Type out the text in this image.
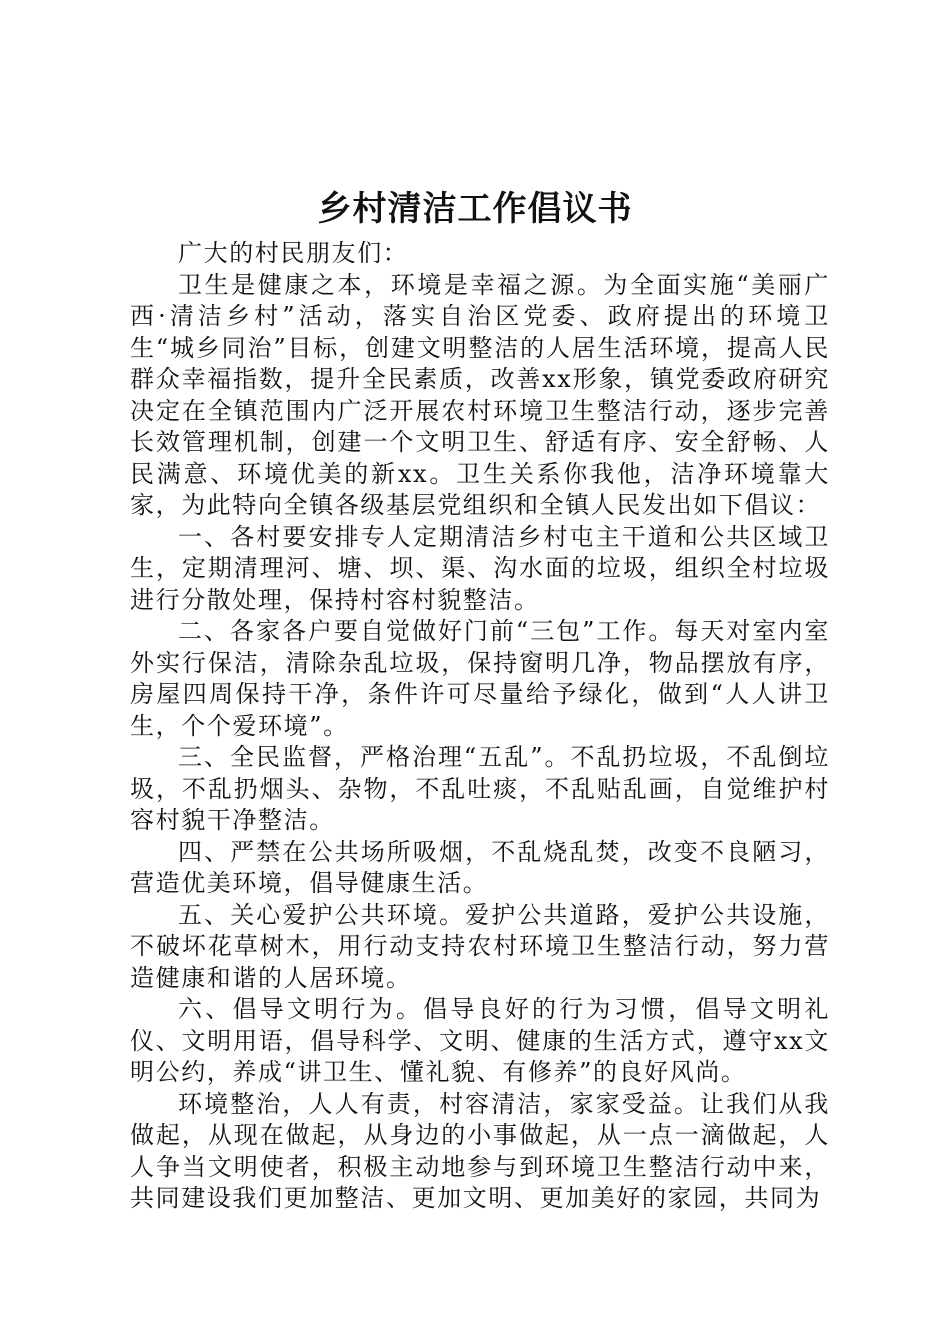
乡村清洁工作倡议书

广大的村民朋友们：

卫生是健康之本，环境是幸福之源。为全面实施“美丽广西·清洁乡村”活动，落实自治区党委、政府提出的环境卫生“城乡同治”目标，创建文明整洁的人居生活环境，提高人民群众幸福指数，提升全民素质，改善xx形象，镇党委政府研究决定在全镇范围内广泛开展农村环境卫生整洁行动，逐步完善长效管理机制，创建一个文明卫生、舒适有序、安全舒畅、人民满意、环境优美的新xx。卫生关系你我他，洁净环境靠大家，为此特向全镇各级基层党组织和全镇人民发出如下倡议：

一、各村要安排专人定期清洁乡村屯主干道和公共区域卫生，定期清理河、塘、坝、渠、沟水面的垃圾，组织全村垃圾进行分散处理，保持村容村貌整洁。

二、各家各户要自觉做好门前“三包”工作。每天对室内室外实行保洁，清除杂乱垃圾，保持窗明几净，物品摆放有序，房屋四周保持干净，条件许可尽量给予绿化，做到“人人讲卫生，个个爱环境”。

三、全民监督，严格治理“五乱”。不乱扔垃圾，不乱倒垃圾，不乱扔烟头、杂物，不乱吐痰，不乱贴乱画，自觉维护村容村貌干净整洁。

四、严禁在公共场所吸烟，不乱烧乱焚，改变不良陋习，营造优美环境，倡导健康生活。

五、关心爱护公共环境。爱护公共道路，爱护公共设施，不破坏花草树木，用行动支持农村环境卫生整洁行动，努力营造健康和谐的人居环境。

六、倡导文明行为。倡导良好的行为习惯，倡导文明礼仪、文明用语，倡导科学、文明、健康的生活方式，遵守xx文明公约，养成“讲卫生、懂礼貌、有修养”的良好风尚。

环境整治，人人有责，村容清洁，家家受益。让我们从我做起，从现在做起，从身边的小事做起，从一点一滴做起，人人争当文明使者，积极主动地参与到环境卫生整洁行动中来，共同建设我们更加整洁、更加文明、更加美好的家园，共同为
